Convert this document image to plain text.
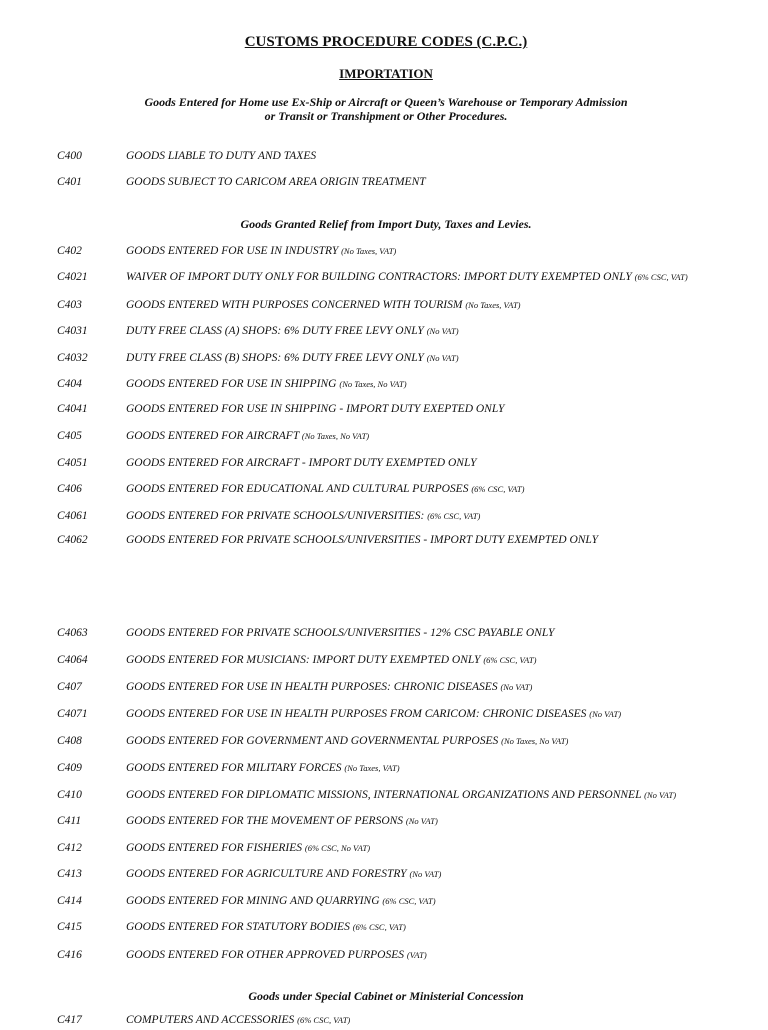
CUSTOMS PROCEDURE CODES (C.P.C.)
IMPORTATION
Goods Entered for Home use Ex-Ship or Aircraft or Queen’s Warehouse or Temporary Admission
or Transit or Transhipment or Other Procedures.
C400	GOODS LIABLE TO DUTY AND TAXES
C401	GOODS SUBJECT TO CARICOM AREA ORIGIN TREATMENT
Goods Granted Relief from Import Duty, Taxes and Levies.
C402	GOODS ENTERED FOR USE IN INDUSTRY (No Taxes, VAT)
C4021	WAIVER OF IMPORT DUTY ONLY FOR BUILDING CONTRACTORS: IMPORT DUTY EXEMPTED ONLY (6% CSC, VAT)
C403	GOODS ENTERED WITH PURPOSES CONCERNED WITH TOURISM (No Taxes, VAT)
C4031	DUTY FREE CLASS (A) SHOPS: 6% DUTY FREE LEVY ONLY (No VAT)
C4032	DUTY FREE CLASS (B) SHOPS: 6% DUTY FREE LEVY ONLY (No VAT)
C404	GOODS ENTERED FOR USE IN SHIPPING (No Taxes, No VAT)
C4041	GOODS ENTERED FOR USE IN SHIPPING - IMPORT DUTY EXEPTED ONLY
C405	GOODS ENTERED FOR AIRCRAFT (No Taxes, No VAT)
C4051	GOODS ENTERED FOR AIRCRAFT - IMPORT DUTY EXEMPTED ONLY
C406	GOODS ENTERED FOR EDUCATIONAL AND CULTURAL PURPOSES (6% CSC, VAT)
C4061	GOODS ENTERED FOR PRIVATE SCHOOLS/UNIVERSITIES: (6% CSC, VAT)
C4062	GOODS ENTERED FOR PRIVATE SCHOOLS/UNIVERSITIES - IMPORT DUTY EXEMPTED ONLY
C4063	GOODS ENTERED FOR PRIVATE SCHOOLS/UNIVERSITIES - 12% CSC PAYABLE ONLY
C4064	GOODS ENTERED FOR MUSICIANS: IMPORT DUTY EXEMPTED ONLY (6% CSC, VAT)
C407	GOODS ENTERED FOR USE IN HEALTH PURPOSES: CHRONIC DISEASES (No VAT)
C4071	GOODS ENTERED FOR USE IN HEALTH PURPOSES FROM CARICOM: CHRONIC DISEASES (No VAT)
C408	GOODS ENTERED FOR GOVERNMENT AND GOVERNMENTAL PURPOSES (No Taxes, No VAT)
C409	GOODS ENTERED FOR MILITARY FORCES (No Taxes, VAT)
C410	GOODS ENTERED FOR DIPLOMATIC MISSIONS, INTERNATIONAL ORGANIZATIONS AND PERSONNEL (No VAT)
C411	GOODS ENTERED FOR THE MOVEMENT OF PERSONS (No VAT)
C412	GOODS ENTERED FOR FISHERIES (6% CSC, No VAT)
C413	GOODS ENTERED FOR AGRICULTURE AND FORESTRY (No VAT)
C414	GOODS ENTERED FOR MINING AND QUARRYING (6% CSC, VAT)
C415	GOODS ENTERED FOR STATUTORY BODIES (6% CSC, VAT)
C416	GOODS ENTERED FOR OTHER APPROVED PURPOSES (VAT)
Goods under Special Cabinet or Ministerial Concession
C417	COMPUTERS AND ACCESSORIES (6% CSC, VAT)
